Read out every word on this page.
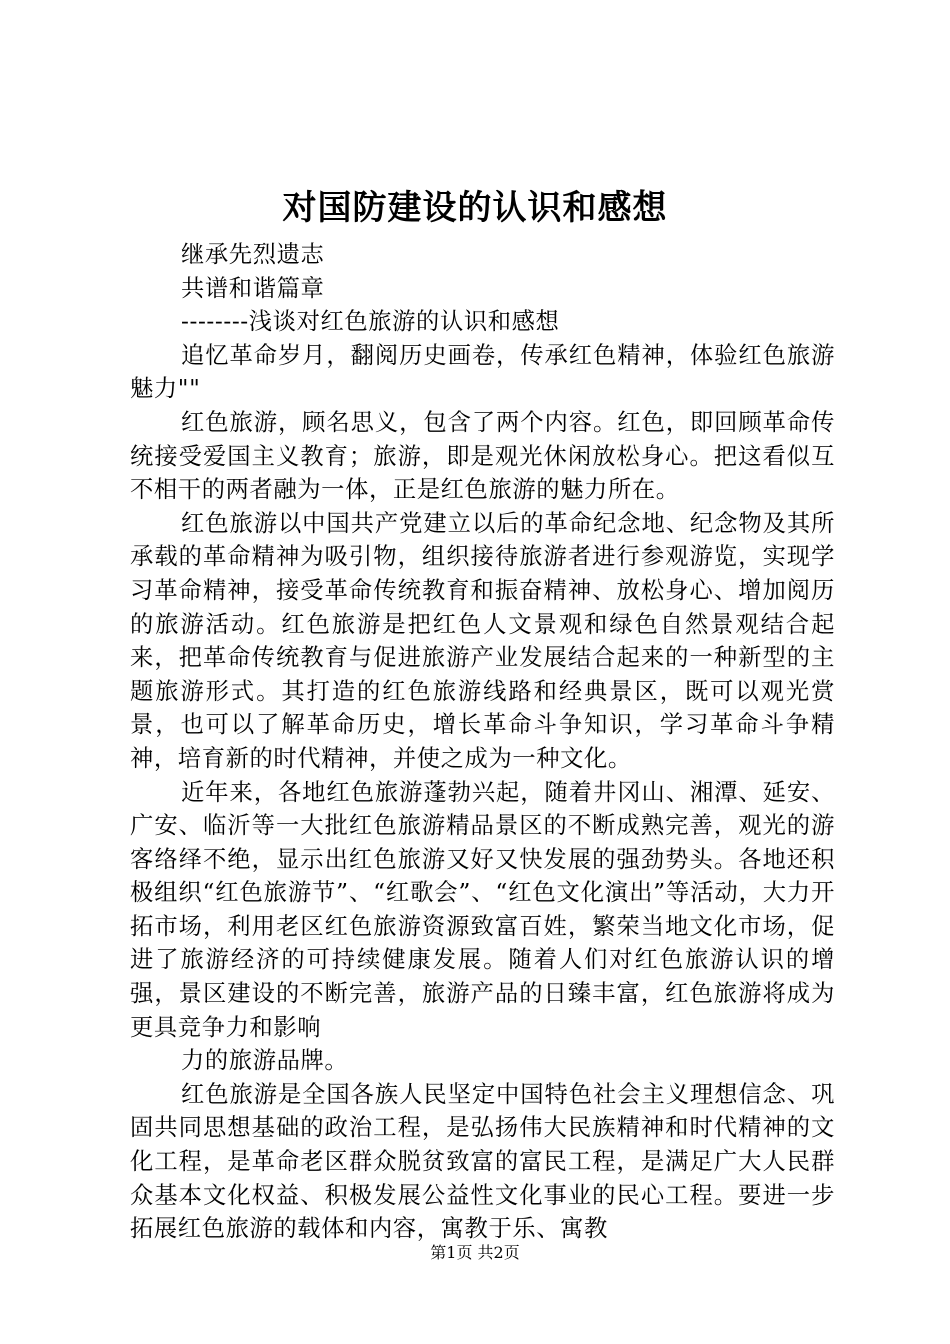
对国防建设的认识和感想
继承先烈遗志
共谱和谐篇章
--------浅谈对红色旅游的认识和感想

追忆革命岁月，翻阅历史画卷，传承红色精神，体验红色旅游魅力""

红色旅游，顾名思义，包含了两个内容。红色，即回顾革命传统接受爱国主义教育；旅游，即是观光休闲放松身心。把这看似互不相干的两者融为一体，正是红色旅游的魅力所在。

红色旅游以中国共产党建立以后的革命纪念地、纪念物及其所承载的革命精神为吸引物，组织接待旅游者进行参观游览，实现学习革命精神，接受革命传统教育和振奋精神、放松身心、增加阅历的旅游活动。红色旅游是把红色人文景观和绿色自然景观结合起来，把革命传统教育与促进旅游产业发展结合起来的一种新型的主题旅游形式。其打造的红色旅游线路和经典景区，既可以观光赏景，也可以了解革命历史，增长革命斗争知识，学习革命斗争精神，培育新的时代精神，并使之成为一种文化。

近年来，各地红色旅游蓬勃兴起，随着井冈山、湘潭、延安、广安、临沂等一大批红色旅游精品景区的不断成熟完善，观光的游客络绎不绝，显示出红色旅游又好又快发展的强劲势头。各地还积极组织“红色旅游节”、“红歌会”、“红色文化演出”等活动，大力开拓市场，利用老区红色旅游资源致富百姓，繁荣当地文化市场，促进了旅游经济的可持续健康发展。随着人们对红色旅游认识的增强，景区建设的不断完善，旅游产品的日臻丰富，红色旅游将成为更具竞争力和影响

力的旅游品牌。

红色旅游是全国各族人民坚定中国特色社会主义理想信念、巩固共同思想基础的政治工程，是弘扬伟大民族精神和时代精神的文化工程，是革命老区群众脱贫致富的富民工程，是满足广大人民群众基本文化权益、积极发展公益性文化事业的民心工程。要进一步拓展红色旅游的载体和内容，寓教于乐、寓教

第1页 共2页
